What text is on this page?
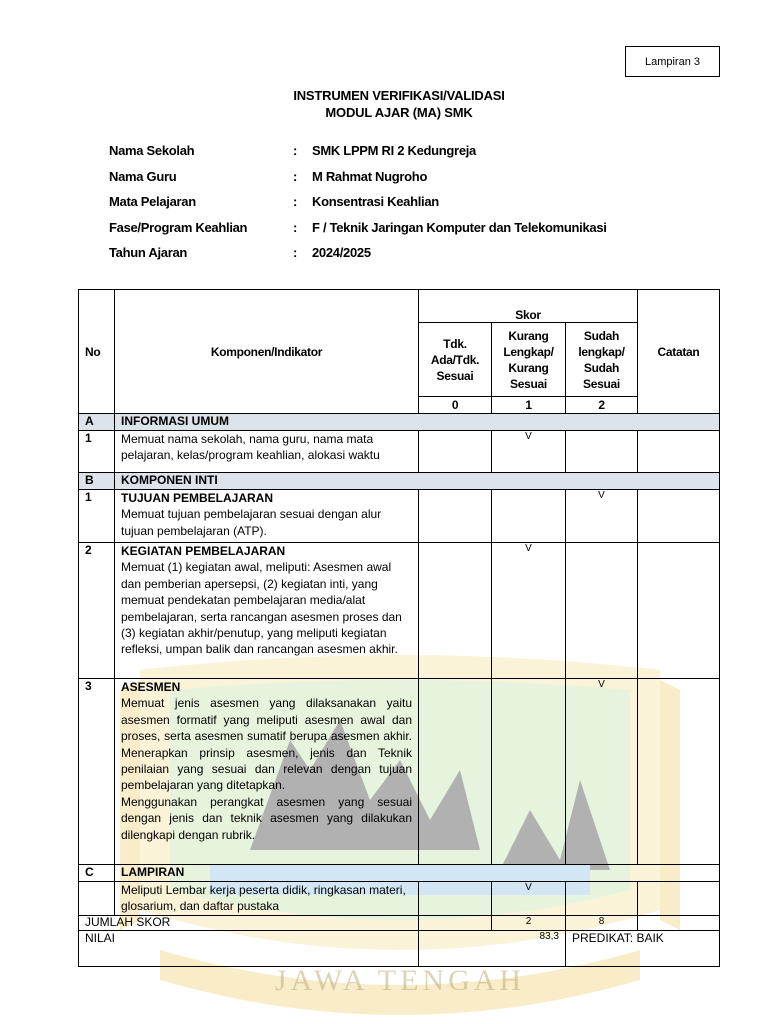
JAWA TENGAH
Lampiran 3
INSTRUMEN VERIFIKASI/VALIDASI
MODUL AJAR (MA) SMK
Nama Sekolah	: SMK LPPM RI 2 Kedungreja
Nama Guru	: M Rahmat Nugroho
Mata Pelajaran	: Konsentrasi Keahlian
Fase/Program Keahlian	: F / Teknik Jaringan Komputer dan Telekomunikasi
Tahun Ajaran	: 2024/2025
No	Komponen/Indikator	Skor			Catatan
		Tdk. Ada/Tdk. Sesuai	Kurang Lengkap/ Kurang Sesuai	Sudah lengkap/ Sudah Sesuai	
		0	1	2	
A	INFORMASI UMUM				
1	Memuat nama sekolah, nama guru, nama mata pelajaran, kelas/program keahlian, alokasi waktu		V		
B	KOMPONEN INTI				
1	TUJUAN PEMBELAJARAN
Memuat tujuan pembelajaran sesuai dengan alur tujuan pembelajaran (ATP).			V	
2	KEGIATAN PEMBELAJARAN
Memuat (1) kegiatan awal, meliputi: Asesmen awal dan pemberian apersepsi, (2) kegiatan inti, yang memuat pendekatan pembelajaran media/alat pembelajaran, serta rancangan asesmen proses dan (3) kegiatan akhir/penutup, yang meliputi kegiatan refleksi, umpan balik dan rancangan asesmen akhir.		V		
3	ASESMEN
Memuat jenis asesmen yang dilaksanakan yaitu asesmen formatif yang meliputi asesmen awal dan proses, serta asesmen sumatif berupa asesmen akhir. Menerapkan prinsip asesmen, jenis dan Teknik penilaian yang sesuai dan relevan dengan tujuan pembelajaran yang ditetapkan.
Menggunakan perangkat asesmen yang sesuai dengan jenis dan teknik asesmen yang dilakukan dilengkapi dengan rubrik.			V	
C	LAMPIRAN				
	Meliputi Lembar kerja peserta didik, ringkasan materi, glosarium, dan daftar pustaka		V		
JUMLAH SKOR			2	8	
NILAI		83,3		PREDIKAT: BAIK	
